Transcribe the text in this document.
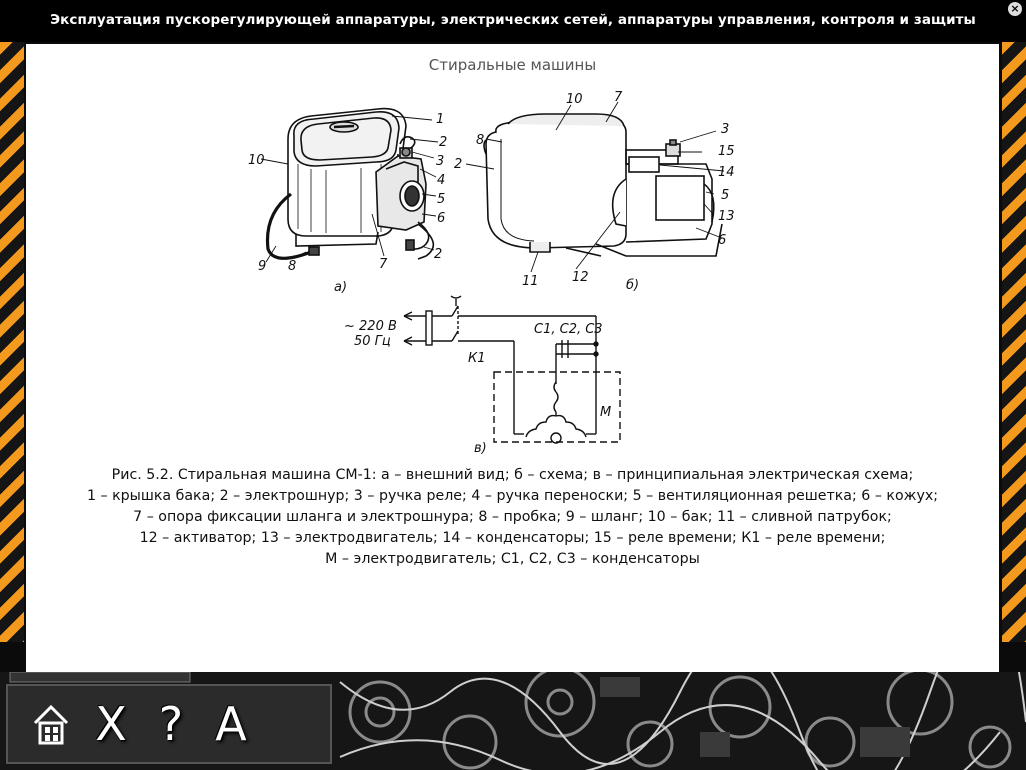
Эксплуатация пускорегулирующей аппаратуры, электрических сетей, аппаратуры управления, контроля и защиты
×
Стиральные машины
1
2
3
4
5
6
2
7
8
9
10
а)
10 7
8
2
3
15
14
5
13
6
11	12
б)
~ 220 В
50 Гц
К1
С1, С2, С3
М
в)
Рис. 5.2. Стиральная машина СМ-1: а – внешний вид; б – схема; в – принципиальная электрическая схема;
1 – крышка бака; 2 – электрошнур; 3 – ручка реле; 4 – ручка переноски; 5 – вентиляционная решетка; 6 – кожух;
7 – опора фиксации шланга и электрошнура; 8 – пробка; 9 – шланг; 10 – бак; 11 – сливной патрубок;
12 – активатор; 13 – электродвигатель; 14 – конденсаторы; 15 – реле времени; К1 – реле времени;
М – электродвигатель; С1, С2, С3 – конденсаторы
X ? A
